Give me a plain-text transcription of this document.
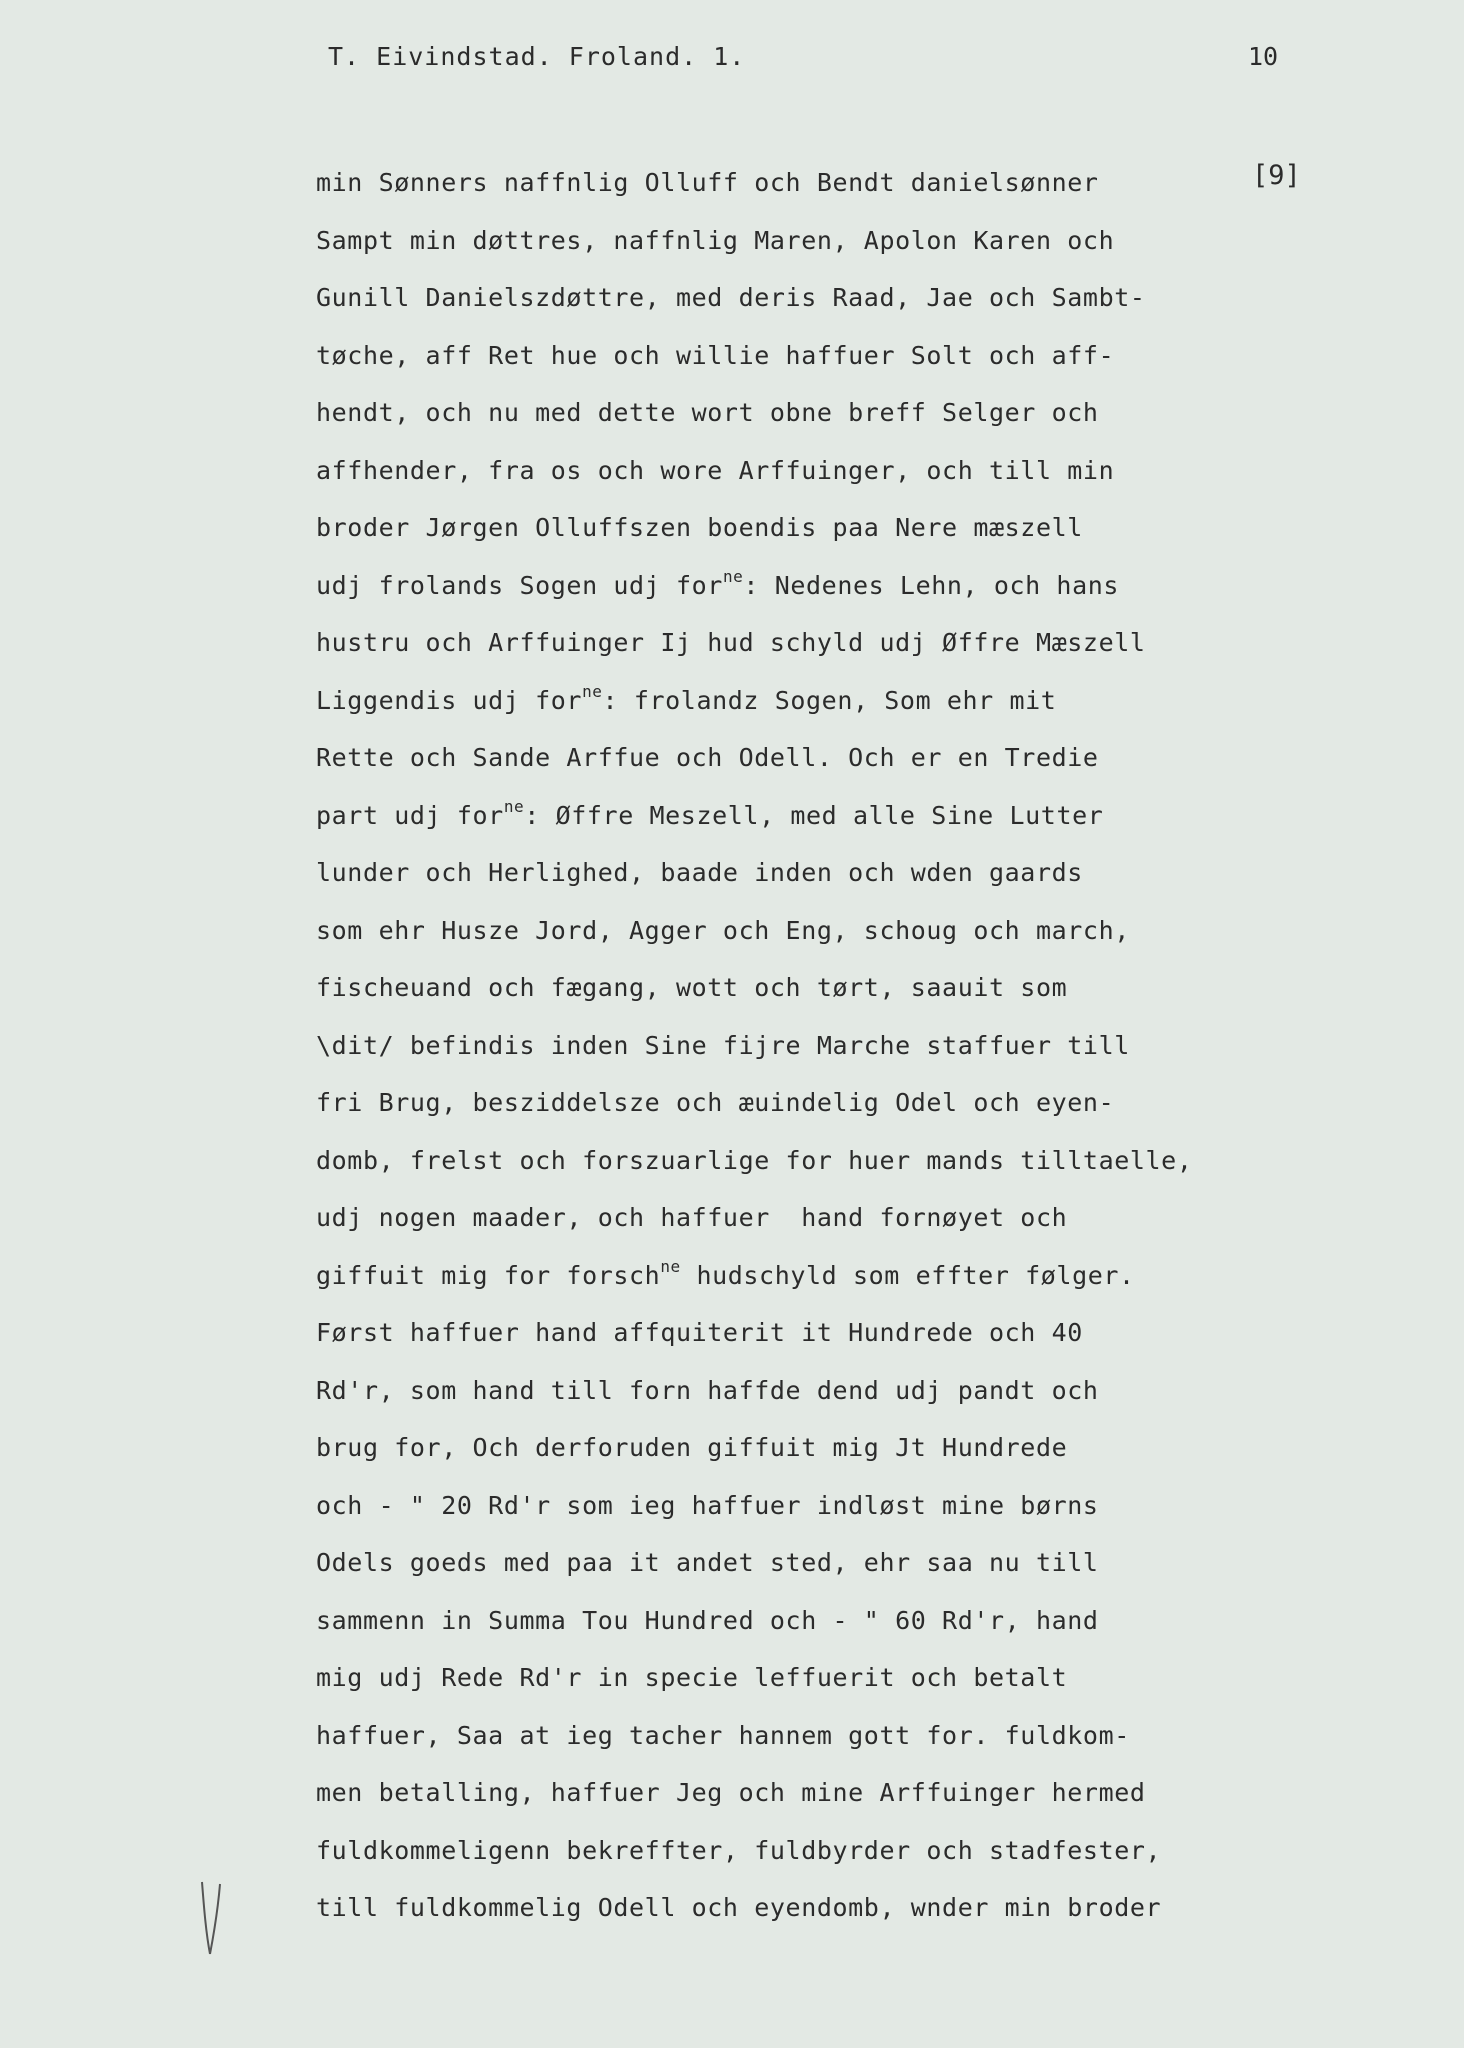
T. Eivindstad. Froland. 1.	10
[9]
min Sønners naffnlig Olluff och Bendt danielsønner
Sampt min døttres, naffnlig Maren, Apolon Karen och
Gunill Danielszdøttre, med deris Raad, Jae och Sambt-
tøche, aff Ret hue och willie haffuer Solt och aff-
hendt, och nu med dette wort obne breff Selger och
affhender, fra os och wore Arffuinger, och till min
broder Jørgen Olluffszen boendis paa Nere mæszell
udj frolands Sogen udj for$^{ne}$: Nedenes Lehn, och hans
hustru och Arffuinger Ij hud schyld udj Øffre Mæszell
Liggendis udj for$^{ne}$: frolandz Sogen, Som ehr mit
Rette och Sande Arffue och Odell. Och er en Tredie
part udj for$^{ne}$: Øffre Meszell, med alle Sine Lutter
lunder och Herlighed, baade inden och wden gaards
som ehr Husze Jord, Agger och Eng, schoug och march,
fischeuand och fægang, wott och tørt, saauit som
\dit/ befindis inden Sine fijre Marche staffuer till
fri Brug, besziddelsze och æuindelig Odel och eyen-
domb, frelst och forszuarlige for huer mands tilltaelle,
udj nogen maader, och haffuer  hand fornøyet och
giffuit mig for forsch$^{ne}$ hudschyld som effter følger.
Først haffuer hand affquiterit it Hundrede och 40
Rd'r, som hand till forn haffde dend udj pandt och
brug for, Och derforuden giffuit mig Jt Hundrede
och - " 20 Rd'r som ieg haffuer indløst mine børns
Odels goeds med paa it andet sted, ehr saa nu till
sammenn in Summa Tou Hundred och - " 60 Rd'r, hand
mig udj Rede Rd'r in specie leffuerit och betalt
haffuer, Saa at ieg tacher hannem gott for. fuldkom-
men betalling, haffuer Jeg och mine Arffuinger hermed
fuldkommeligenn bekreffter, fuldbyrder och stadfester,
till fuldkommelig Odell och eyendomb, wnder min broder
